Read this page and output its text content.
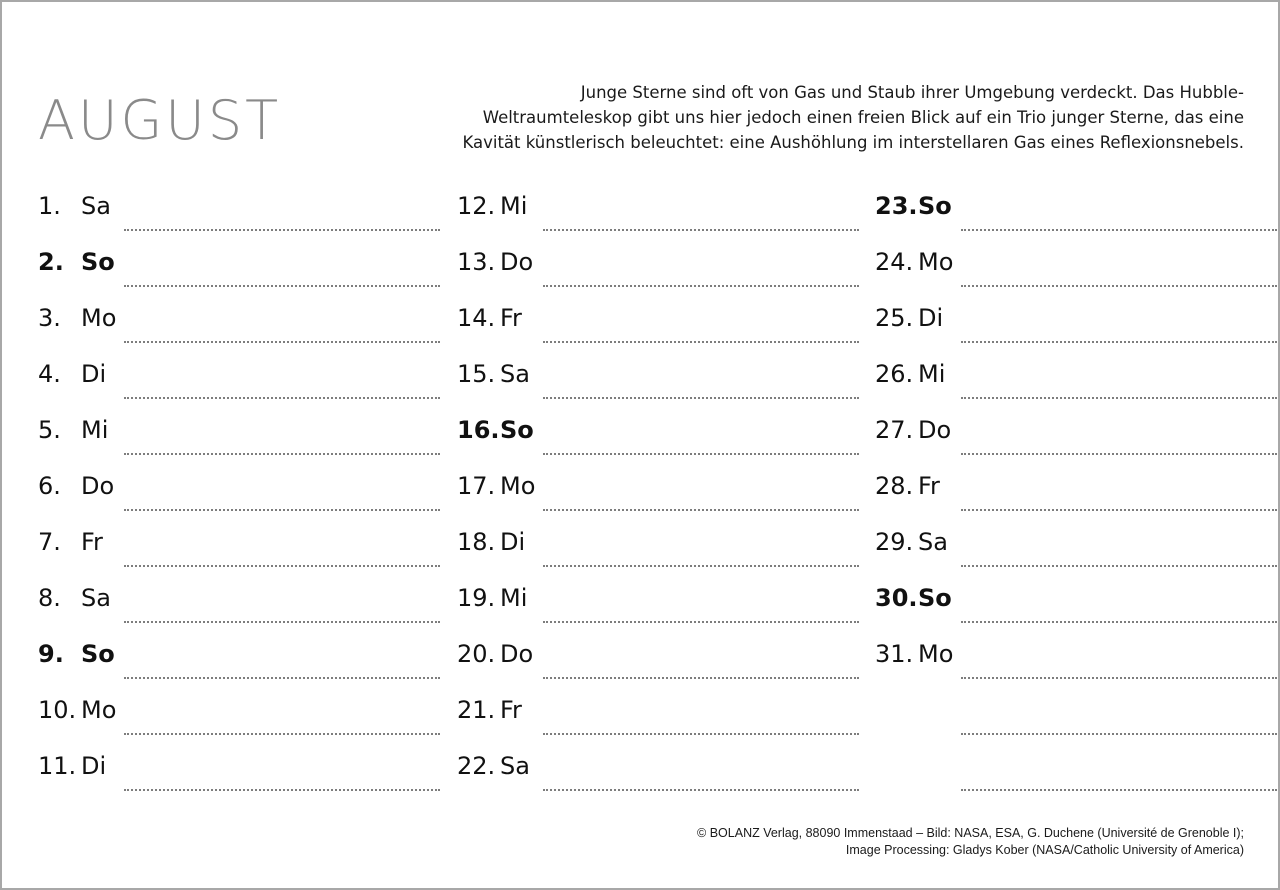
AUGUST	Junge Sterne sind oft von Gas und Staub ihrer Umgebung verdeckt. Das Hubble-
Weltraumteleskop gibt uns hier jedoch einen freien Blick auf ein Trio junger Sterne, das eine
Kavität künstlerisch beleuchtet: eine Aushöhlung im interstellaren Gas eines Reflexionsnebels.
1. Sa
2. So
3. Mo
4. Di
5. Mi
6. Do
7. Fr
8. Sa
9. So
10. Mo
11. Di
12. Mi
13. Do
14. Fr
15. Sa
16. So
17. Mo
18. Di
19. Mi
20. Do
21. Fr
22. Sa
23. So
24. Mo
25. Di
26. Mi
27. Do
28. Fr
29. Sa
30. So
31. Mo
© BOLANZ Verlag, 88090 Immenstaad – Bild: NASA, ESA, G. Duchene (Université de Grenoble I);
Image Processing: Gladys Kober (NASA/Catholic University of America)
